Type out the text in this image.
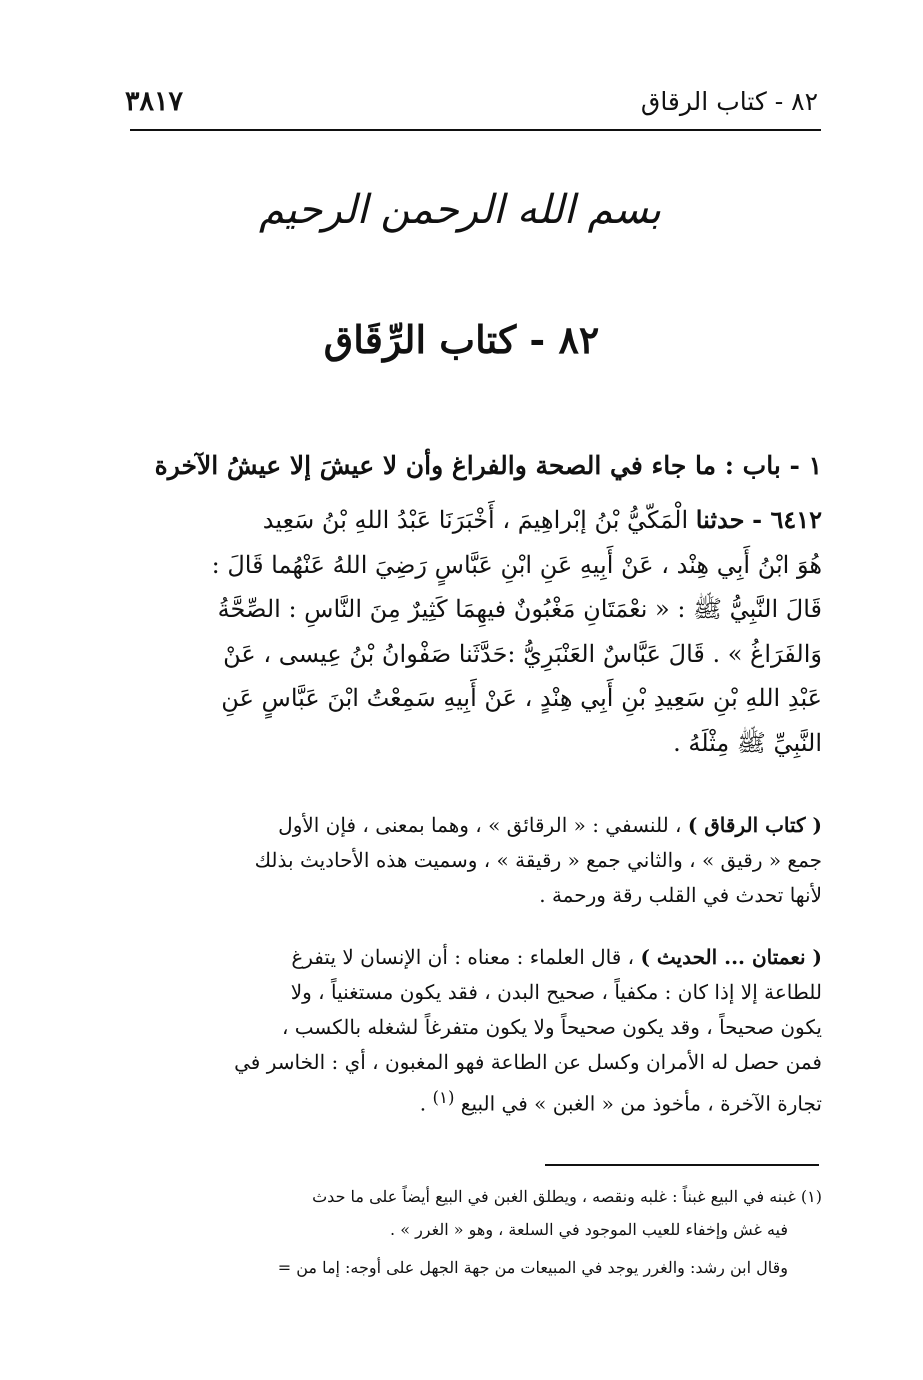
٨٢ - كتاب الرقاق
٣٨١٧
بسم الله الرحمن الرحيم
٨٢ - كتاب الرِّقَاق
١ - باب : ما جاء في الصحة والفراغ وأن لا عيشَ إلا عيشُ الآخرة
٦٤١٢ - حدثنا الْمَكّيُّ بْنُ إبْراهِيمَ ، أَخْبَرَنَا عَبْدُ اللهِ بْنُ سَعِيد
هُوَ ابْنُ أَبِي هِنْد ، عَنْ أَبِيهِ عَنِ ابْنِ عَبَّاسٍ رَضِيَ اللهُ عَنْهُما قَالَ :
قَالَ النَّبِيُّ ﷺ : « نعْمَتَانِ مَغْبُونٌ فيهِمَا كَثِيرٌ مِنَ النَّاسِ : الصِّحَّةُ
وَالفَرَاغُ » . قَالَ عَبَّاسٌ العَنْبَرِيُّ :حَدَّثَنا صَفْوانُ بْنُ عِيسى ، عَنْ
عَبْدِ اللهِ بْنِ سَعِيدِ بْنِ أَبِي هِنْدٍ ، عَنْ أَبِيهِ سَمِعْتُ ابْنَ عَبَّاسٍ عَنِ
النَّبِيِّ ﷺ مِثْلَهُ .
( كتاب الرقاق ) ، للنسفي : « الرقائق » ، وهما بمعنى ، فإن الأول
جمع « رقيق » ، والثاني جمع « رقيقة » ، وسميت هذه الأحاديث بذلك
لأنها تحدث في القلب رقة ورحمة .
( نعمتان ... الحديث ) ، قال العلماء : معناه : أن الإنسان لا يتفرغ
للطاعة إلا إذا كان : مكفياً ، صحيح البدن ، فقد يكون مستغنياً ، ولا
يكون صحيحاً ، وقد يكون صحيحاً ولا يكون متفرغاً لشغله بالكسب ،
فمن حصل له الأمران وكسل عن الطاعة فهو المغبون ، أي : الخاسر في
تجارة الآخرة ، مأخوذ من « الغبن » في البيع $^{(١)}$ .
(١) غبنه في البيع غبناً : غلبه ونقصه ، ويطلق الغبن في البيع أيضاً على ما حدث
فيه غش وإخفاء للعيب الموجود في السلعة ، وهو « الغرر » .
وقال ابن رشد: والغرر يوجد في المبيعات من جهة الجهل على أوجه: إما من =
